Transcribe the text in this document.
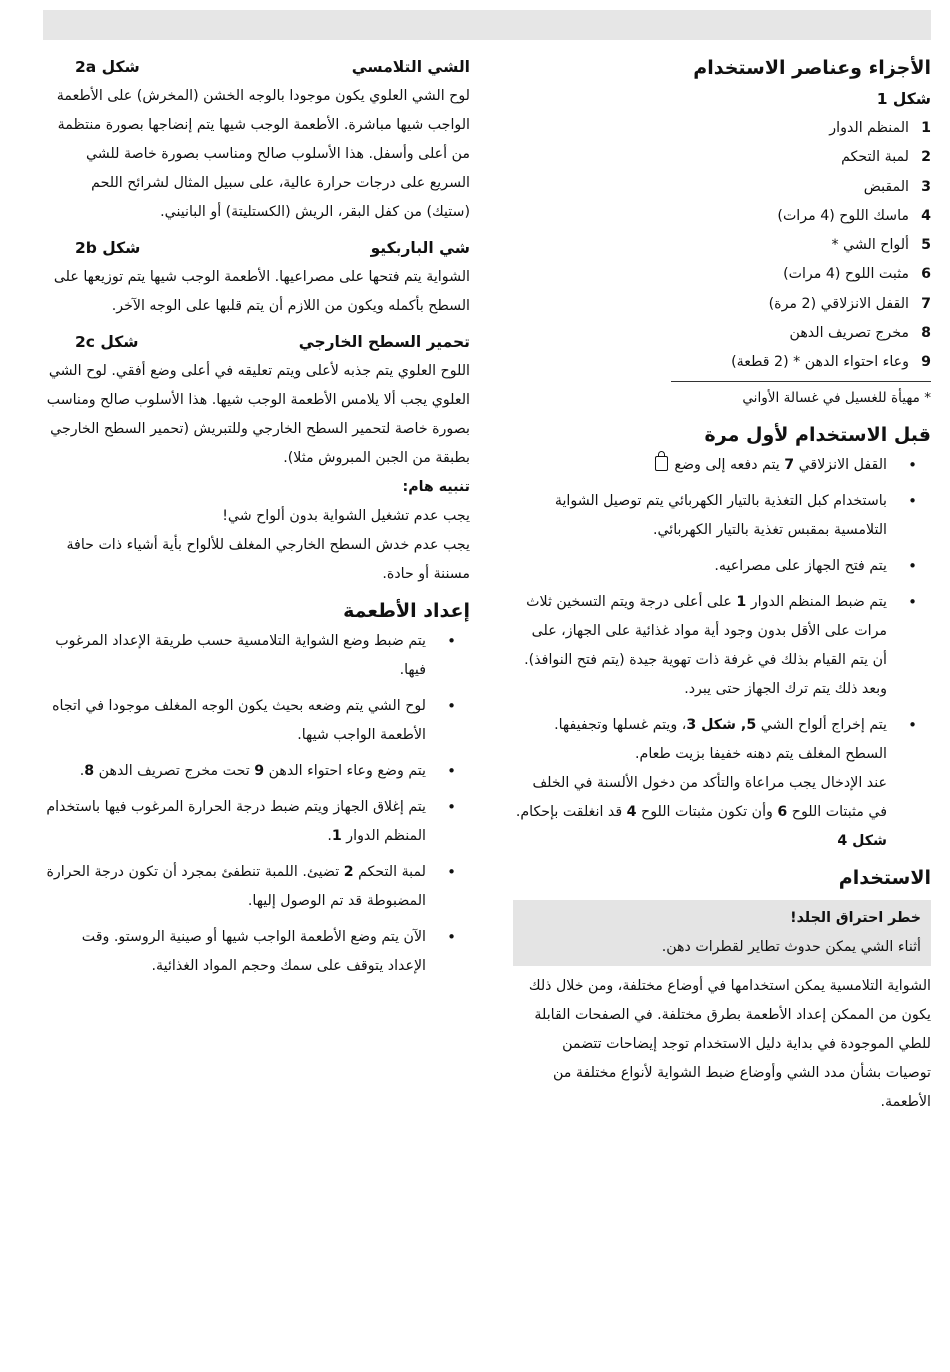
الأجزاء وعناصر الاستخدام
شكل 1
1
المنظم الدوار
2
لمبة التحكم
3
المقبض
4
ماسك اللوح (4 مرات)
5
ألواح الشي *
6
مثبت اللوح (4 مرات)
7
القفل الانزلاقي (2 مرة)
8
مخرج تصريف الدهن
9
وعاء احتواء الدهن * (2 قطعة)
* مهيأة للغسيل في غسالة الأواني
قبل الاستخدام لأول مرة
• القفل الانزلاقي 7 يتم دفعه إلى وضع
• باستخدام كبل التغذية بالتيار الكهربائي يتم توصيل الشواية التلامسية بمقبس تغذية بالتيار الكهربائي.
• يتم فتح الجهاز على مصراعيه.
• يتم ضبط المنظم الدوار 1 على أعلى درجة ويتم التسخين ثلاث مرات على الأقل بدون وجود أية مواد غذائية على الجهاز، على أن يتم القيام بذلك في غرفة ذات تهوية جيدة (يتم فتح النوافذ). وبعد ذلك يتم ترك الجهاز حتى يبرد.
• يتم إخراج ألواح الشي 5, شكل 3، ويتم غسلها وتجفيفها. السطح المغلف يتم دهنه خفيفا بزيت طعام.

عند الإدخال يجب مراعاة والتأكد من دخول الألسنة في الخلف في مثبتات اللوح 6 وأن تكون مثبتات اللوح 4 قد انغلقت بإحكام. شكل 4

الاستخدام
خطر احتراق الجلد!
أثناء الشي يمكن حدوث تطاير لقطرات دهن.

الشواية التلامسية يمكن استخدامها في أوضاع مختلفة، ومن خلال ذلك يكون من الممكن إعداد الأطعمة بطرق مختلفة. في الصفحات القابلة للطي الموجودة في بداية دليل الاستخدام توجد إيضاحات تتضمن توصيات بشأن مدد الشي وأوضاع ضبط الشواية لأنواع مختلفة من الأطعمة.

الشي التلامسي
شكل 2a

لوح الشي العلوي يكون موجودا بالوجه الخشن (المخرش) على الأطعمة الواجب شيها مباشرة. الأطعمة الوجب شيها يتم إنضاجها بصورة منتظمة من أعلى وأسفل. هذا الأسلوب صالح ومناسب بصورة خاصة للشي السريع على درجات حرارة عالية، على سبيل المثال لشرائح اللحم (ستيك) من كفل البقر، الريش (الكستليتة) أو البانيني.

شي الباربكيو
شكل 2b

الشواية يتم فتحها على مصراعيها. الأطعمة الوجب شيها يتم توزيعها على السطح بأكمله ويكون من اللازم أن يتم قلبها على الوجه الآخر.

تحمير السطح الخارجي
شكل 2c

اللوح العلوي يتم جذبه لأعلى ويتم تعليقه في أعلى وضع أفقي. لوح الشي العلوي يجب ألا يلامس الأطعمة الوجب شيها. هذا الأسلوب صالح ومناسب بصورة خاصة لتحمير السطح الخارجي وللتبريش (تحمير السطح الخارجي بطبقة من الجبن المبروش مثلا).

تنبيه هام:

يجب عدم تشغيل الشواية بدون ألواح شي!

يجب عدم خدش السطح الخارجي المغلف للألواح بأية أشياء ذات حافة مسننة أو حادة.

إعداد الأطعمة
• يتم ضبط وضع الشواية التلامسية حسب طريقة الإعداد المرغوب فيها.
• لوح الشي يتم وضعه بحيث يكون الوجه المغلف موجودا في اتجاه الأطعمة الواجب شيها.
• يتم وضع وعاء احتواء الدهن 9 تحت مخرج تصريف الدهن 8.
• يتم إغلاق الجهاز ويتم ضبط درجة الحرارة المرغوب فيها باستخدام المنظم الدوار 1.
• لمبة التحكم 2 تضيئ. اللمبة تنطفئ بمجرد أن تكون درجة الحرارة المضبوطة قد تم الوصول إليها.
• الآن يتم وضع الأطعمة الواجب شيها أو صينية الروستو. وقت الإعداد يتوقف على سمك وحجم المواد الغذائية.
